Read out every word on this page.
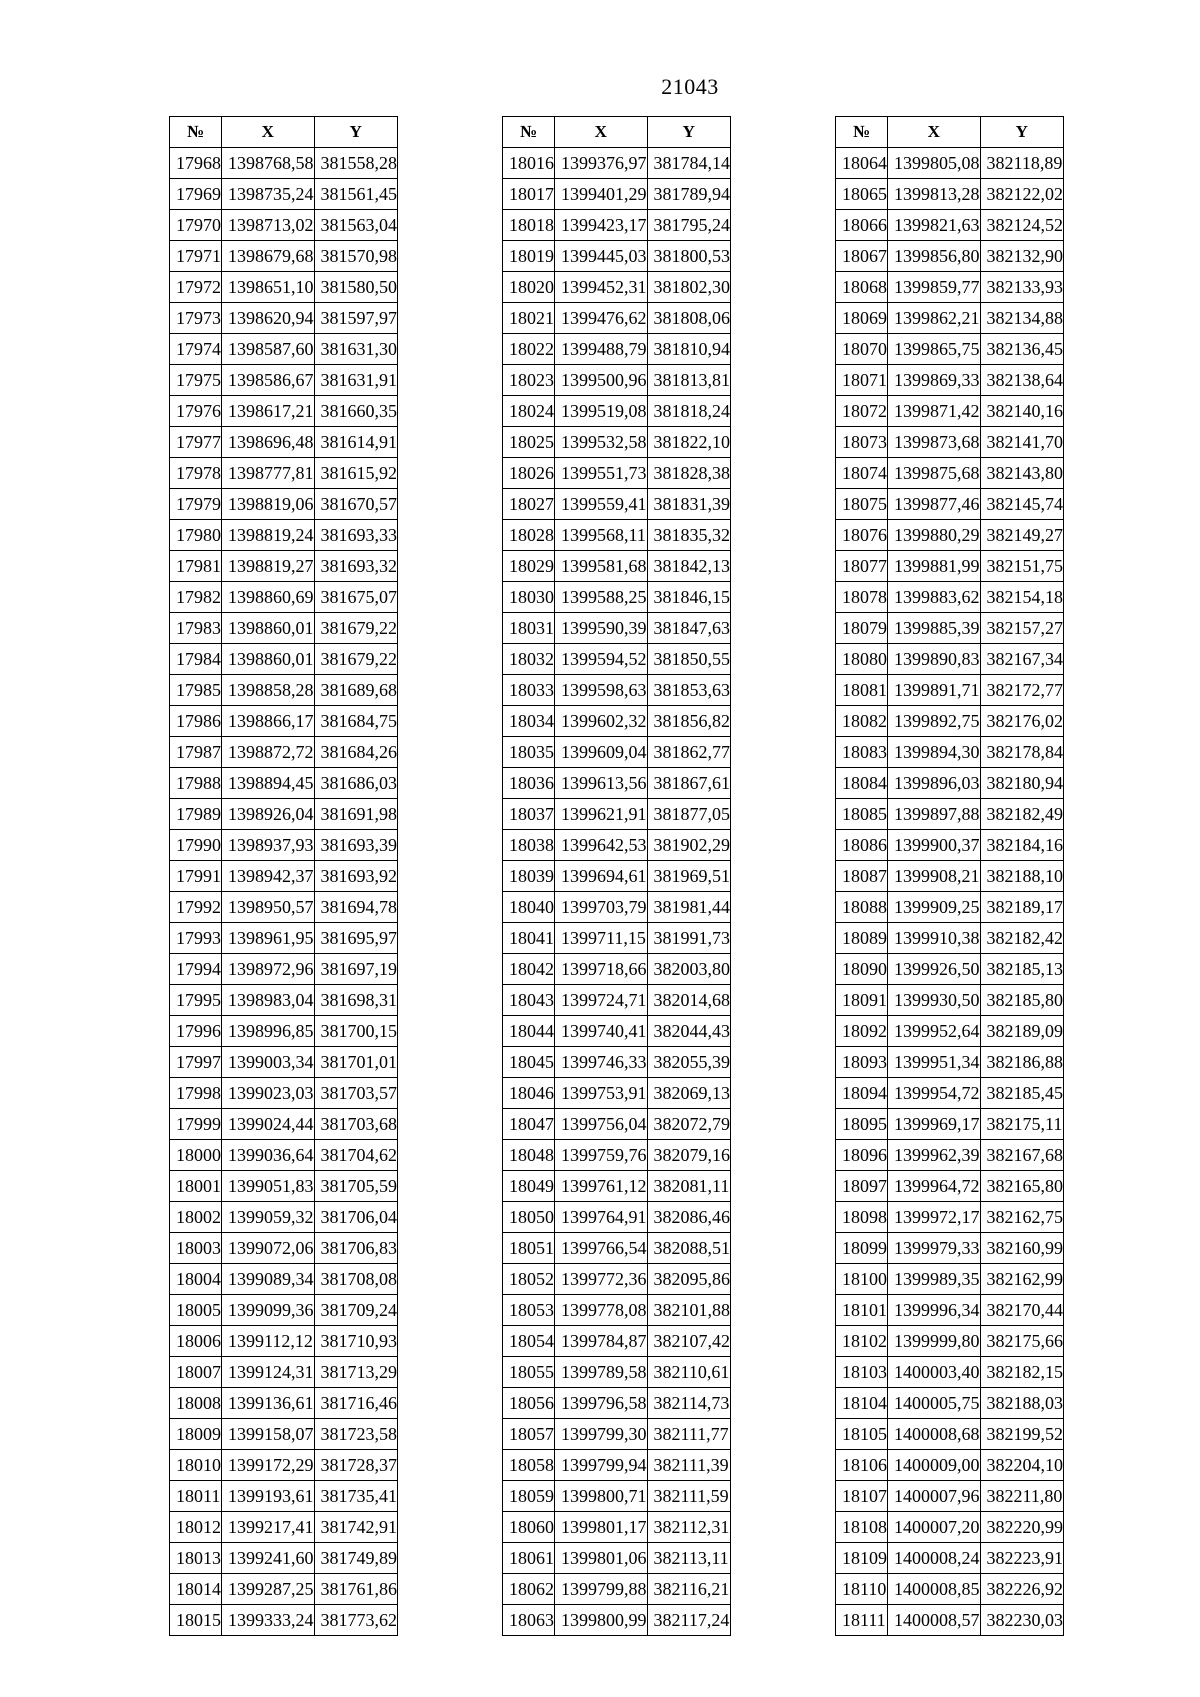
21043
№	X	Y
17968	1398768,58	381558,28
17969	1398735,24	381561,45
17970	1398713,02	381563,04
17971	1398679,68	381570,98
17972	1398651,10	381580,50
17973	1398620,94	381597,97
17974	1398587,60	381631,30
17975	1398586,67	381631,91
17976	1398617,21	381660,35
17977	1398696,48	381614,91
17978	1398777,81	381615,92
17979	1398819,06	381670,57
17980	1398819,24	381693,33
17981	1398819,27	381693,32
17982	1398860,69	381675,07
17983	1398860,01	381679,22
17984	1398860,01	381679,22
17985	1398858,28	381689,68
17986	1398866,17	381684,75
17987	1398872,72	381684,26
17988	1398894,45	381686,03
17989	1398926,04	381691,98
17990	1398937,93	381693,39
17991	1398942,37	381693,92
17992	1398950,57	381694,78
17993	1398961,95	381695,97
17994	1398972,96	381697,19
17995	1398983,04	381698,31
17996	1398996,85	381700,15
17997	1399003,34	381701,01
17998	1399023,03	381703,57
17999	1399024,44	381703,68
18000	1399036,64	381704,62
18001	1399051,83	381705,59
18002	1399059,32	381706,04
18003	1399072,06	381706,83
18004	1399089,34	381708,08
18005	1399099,36	381709,24
18006	1399112,12	381710,93
18007	1399124,31	381713,29
18008	1399136,61	381716,46
18009	1399158,07	381723,58
18010	1399172,29	381728,37
18011	1399193,61	381735,41
18012	1399217,41	381742,91
18013	1399241,60	381749,89
18014	1399287,25	381761,86
18015	1399333,24	381773,62
№	X	Y
18016	1399376,97	381784,14
18017	1399401,29	381789,94
18018	1399423,17	381795,24
18019	1399445,03	381800,53
18020	1399452,31	381802,30
18021	1399476,62	381808,06
18022	1399488,79	381810,94
18023	1399500,96	381813,81
18024	1399519,08	381818,24
18025	1399532,58	381822,10
18026	1399551,73	381828,38
18027	1399559,41	381831,39
18028	1399568,11	381835,32
18029	1399581,68	381842,13
18030	1399588,25	381846,15
18031	1399590,39	381847,63
18032	1399594,52	381850,55
18033	1399598,63	381853,63
18034	1399602,32	381856,82
18035	1399609,04	381862,77
18036	1399613,56	381867,61
18037	1399621,91	381877,05
18038	1399642,53	381902,29
18039	1399694,61	381969,51
18040	1399703,79	381981,44
18041	1399711,15	381991,73
18042	1399718,66	382003,80
18043	1399724,71	382014,68
18044	1399740,41	382044,43
18045	1399746,33	382055,39
18046	1399753,91	382069,13
18047	1399756,04	382072,79
18048	1399759,76	382079,16
18049	1399761,12	382081,11
18050	1399764,91	382086,46
18051	1399766,54	382088,51
18052	1399772,36	382095,86
18053	1399778,08	382101,88
18054	1399784,87	382107,42
18055	1399789,58	382110,61
18056	1399796,58	382114,73
18057	1399799,30	382111,77
18058	1399799,94	382111,39
18059	1399800,71	382111,59
18060	1399801,17	382112,31
18061	1399801,06	382113,11
18062	1399799,88	382116,21
18063	1399800,99	382117,24
№	X	Y
18064	1399805,08	382118,89
18065	1399813,28	382122,02
18066	1399821,63	382124,52
18067	1399856,80	382132,90
18068	1399859,77	382133,93
18069	1399862,21	382134,88
18070	1399865,75	382136,45
18071	1399869,33	382138,64
18072	1399871,42	382140,16
18073	1399873,68	382141,70
18074	1399875,68	382143,80
18075	1399877,46	382145,74
18076	1399880,29	382149,27
18077	1399881,99	382151,75
18078	1399883,62	382154,18
18079	1399885,39	382157,27
18080	1399890,83	382167,34
18081	1399891,71	382172,77
18082	1399892,75	382176,02
18083	1399894,30	382178,84
18084	1399896,03	382180,94
18085	1399897,88	382182,49
18086	1399900,37	382184,16
18087	1399908,21	382188,10
18088	1399909,25	382189,17
18089	1399910,38	382182,42
18090	1399926,50	382185,13
18091	1399930,50	382185,80
18092	1399952,64	382189,09
18093	1399951,34	382186,88
18094	1399954,72	382185,45
18095	1399969,17	382175,11
18096	1399962,39	382167,68
18097	1399964,72	382165,80
18098	1399972,17	382162,75
18099	1399979,33	382160,99
18100	1399989,35	382162,99
18101	1399996,34	382170,44
18102	1399999,80	382175,66
18103	1400003,40	382182,15
18104	1400005,75	382188,03
18105	1400008,68	382199,52
18106	1400009,00	382204,10
18107	1400007,96	382211,80
18108	1400007,20	382220,99
18109	1400008,24	382223,91
18110	1400008,85	382226,92
18111	1400008,57	382230,03
